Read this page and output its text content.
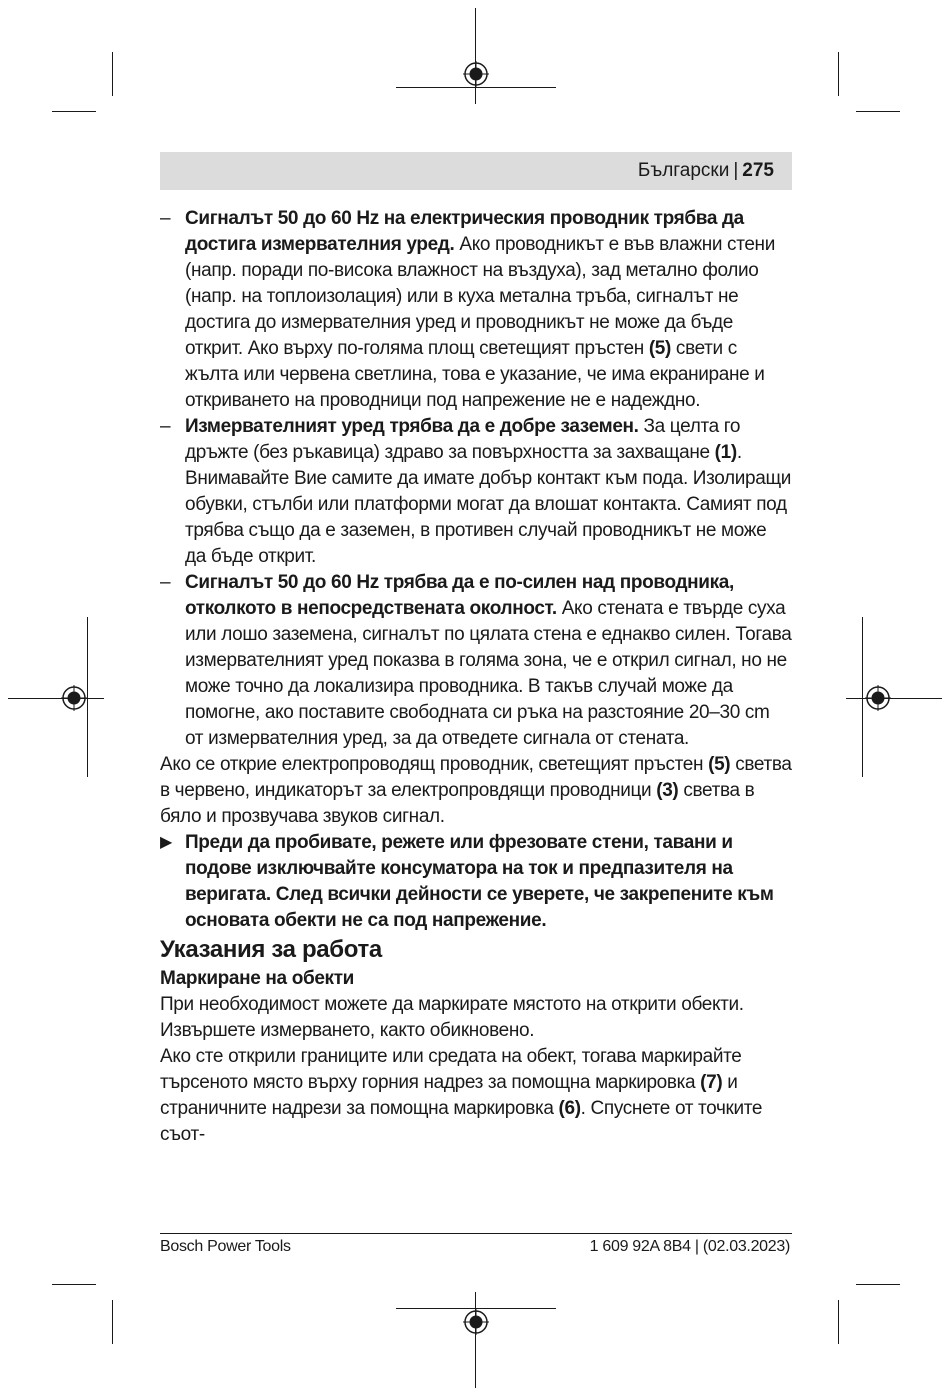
Български | 275

– Сигналът 50 до 60 Hz на електрическия проводник трябва да достига измервателния уред. Ако проводникът е във влажни стени (напр. поради по-висока влажност на въздуха), зад метално фолио (напр. на топлоизолация) или в куха метална тръба, сигналът не достига до измервателния уред и проводникът не може да бъде открит. Ако върху по-голяма площ светещият пръстен (5) свети с жълта или червена светлина, това е указание, че има екраниране и откриването на проводници под напрежение не е надеждно.

– Измервателният уред трябва да е добре заземен. За целта го дръжте (без ръкавица) здраво за повърхността за захващане (1). Внимавайте Вие самите да имате добър контакт към пода. Изолиращи обувки, стълби или платформи могат да влошат контакта. Самият под трябва също да е заземен, в противен случай проводникът не може да бъде открит.

– Сигналът 50 до 60 Hz трябва да е по-силен над проводника, отколкото в непосредствената околност. Ако стената е твърде суха или лошо заземена, сигналът по цялата стена е еднакво силен. Тогава измервателният уред показва в голяма зона, че е открил сигнал, но не може точно да локализира проводника. В такъв случай може да помогне, ако поставите свободната си ръка на разстояние 20–30 cm от измервателния уред, за да отведете сигнала от стената.

Ако се открие електропроводящ проводник, светещият пръстен (5) светва в червено, индикаторът за електропровдящи проводници (3) светва в бяло и прозвучава звуков сигнал.

▶ Преди да пробивате, режете или фрезовате стени, тавани и подове изключвайте консуматора на ток и предпазителя на веригата. След всички дейности се уверете, че закрепените към основата обекти не са под напрежение.

Указания за работа

Маркиране на обекти

При необходимост можете да маркирате мястото на открити обекти. Извършете измерването, както обикновено.

Ако сте открили границите или средата на обект, тогава маркирайте търсеното място върху горния надрез за помощна маркировка (7) и страничните надрези за помощна маркировка (6). Спуснете от точките съот-

Bosch Power Tools	1 609 92A 8B4 | (02.03.2023)
